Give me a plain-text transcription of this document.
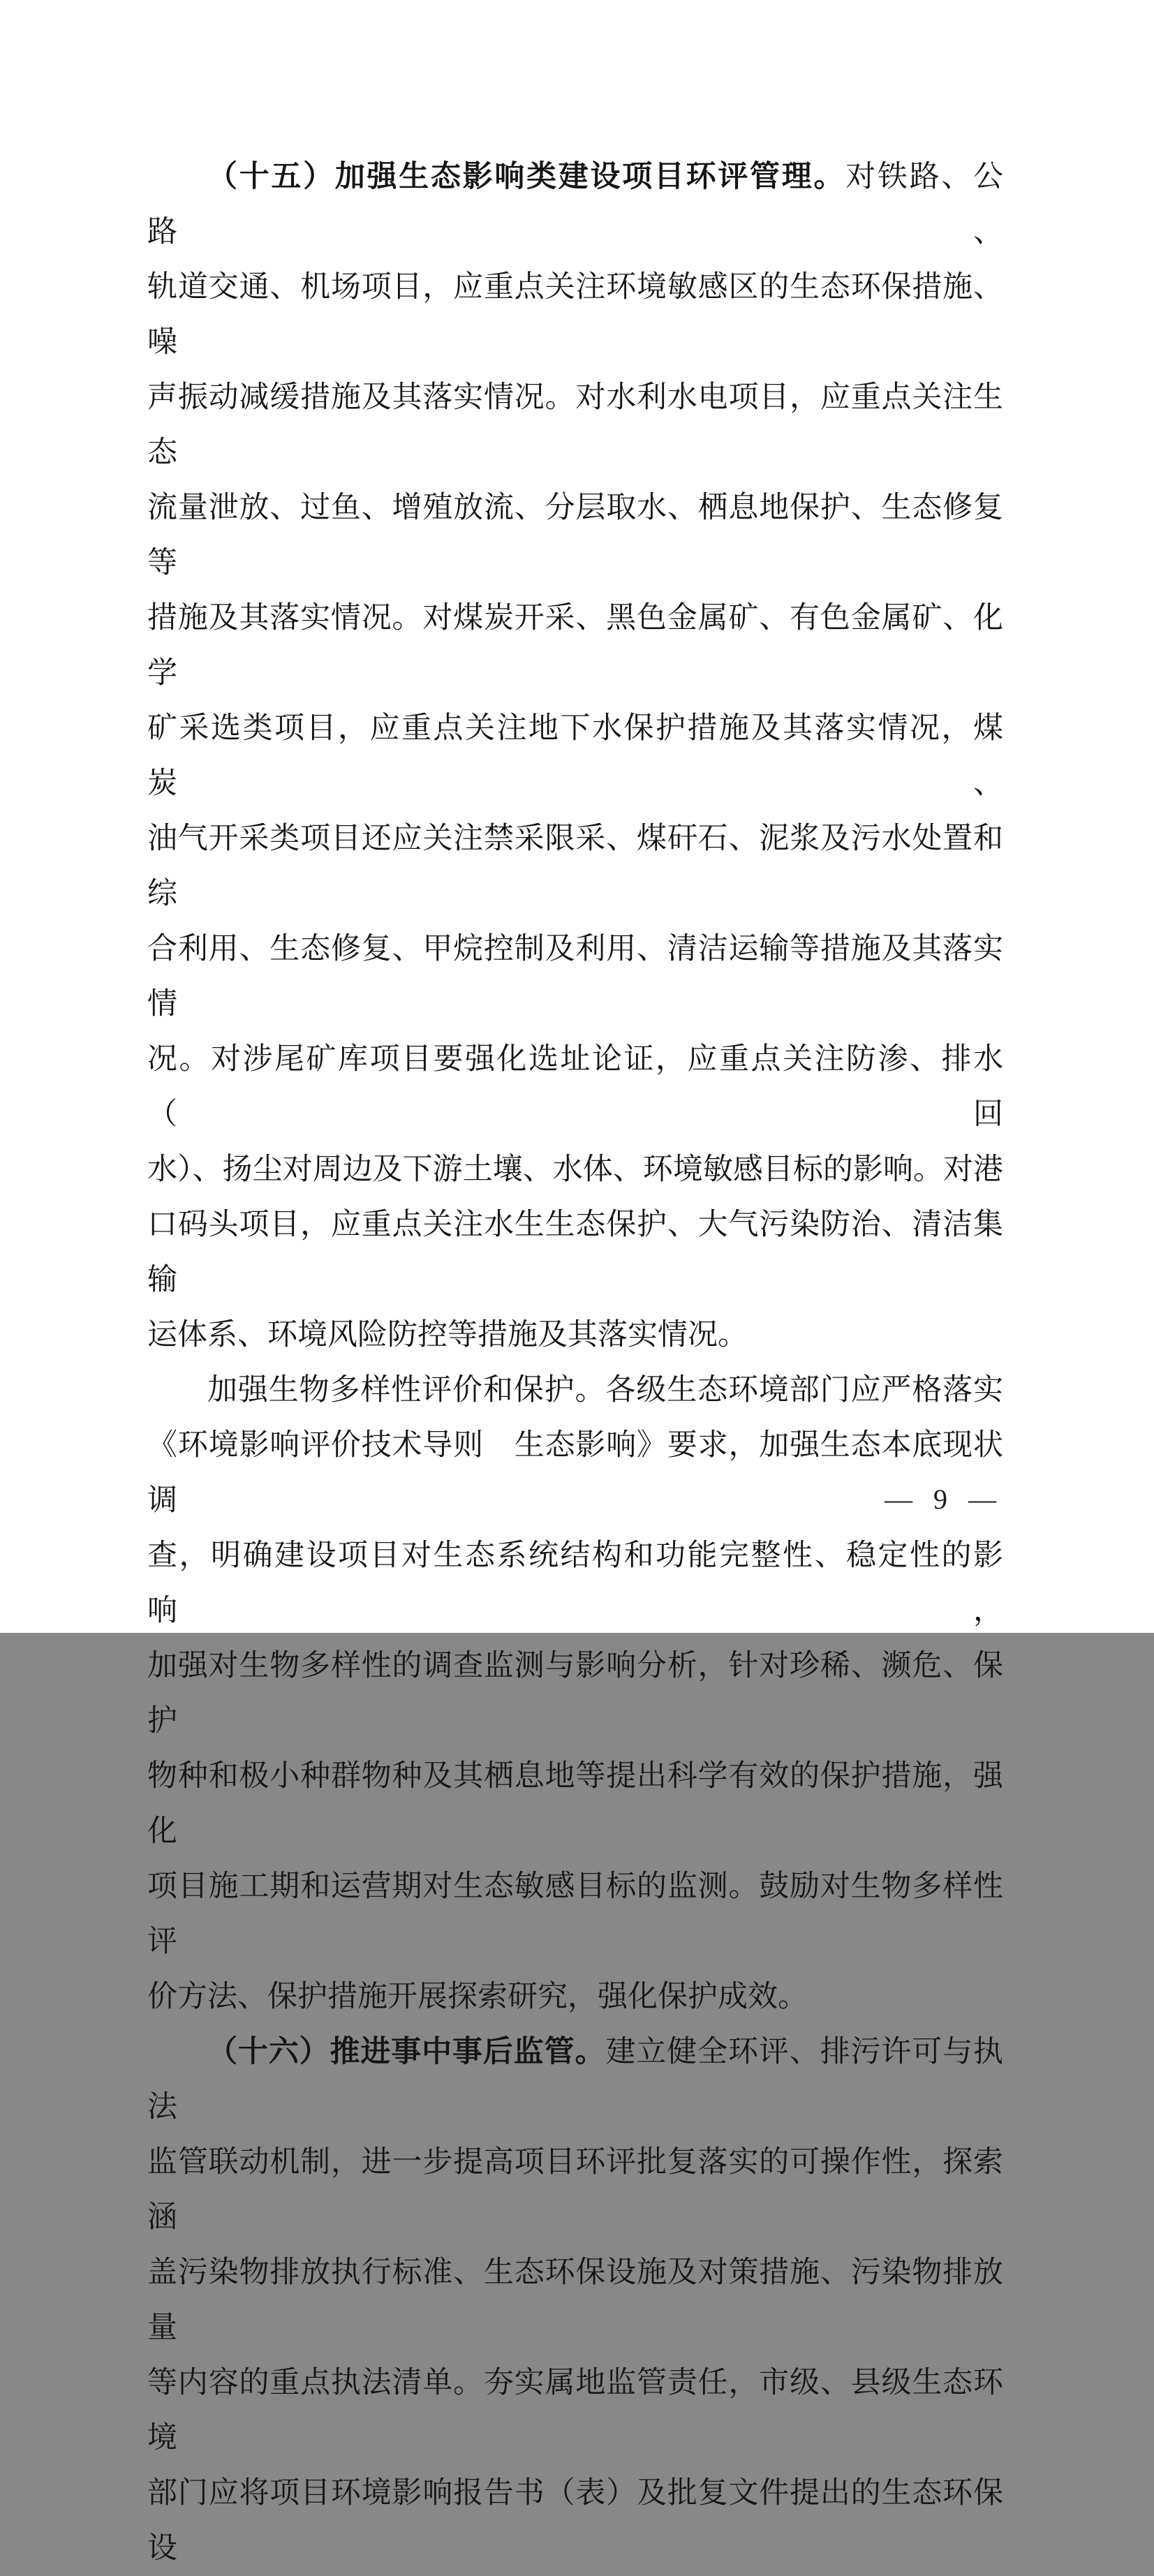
（十五）加强生态影响类建设项目环评管理。对铁路、公路、
轨道交通、机场项目，应重点关注环境敏感区的生态环保措施、噪
声振动减缓措施及其落实情况。对水利水电项目，应重点关注生态
流量泄放、过鱼、增殖放流、分层取水、栖息地保护、生态修复等
措施及其落实情况。对煤炭开采、黑色金属矿、有色金属矿、化学
矿采选类项目，应重点关注地下水保护措施及其落实情况，煤炭、
油气开采类项目还应关注禁采限采、煤矸石、泥浆及污水处置和综
合利用、生态修复、甲烷控制及利用、清洁运输等措施及其落实情
况。对涉尾矿库项目要强化选址论证，应重点关注防渗、排水（回
水）、扬尘对周边及下游土壤、水体、环境敏感目标的影响。对港
口码头项目，应重点关注水生生态保护、大气污染防治、清洁集输
运体系、环境风险防控等措施及其落实情况。
加强生物多样性评价和保护。各级生态环境部门应严格落实
《环境影响评价技术导则　生态影响》要求，加强生态本底现状调
查，明确建设项目对生态系统结构和功能完整性、稳定性的影响，
加强对生物多样性的调查监测与影响分析，针对珍稀、濒危、保护
物种和极小种群物种及其栖息地等提出科学有效的保护措施，强化
项目施工期和运营期对生态敏感目标的监测。鼓励对生物多样性评
价方法、保护措施开展探索研究，强化保护成效。
（十六）推进事中事后监管。建立健全环评、排污许可与执法
监管联动机制，进一步提高项目环评批复落实的可操作性，探索涵
盖污染物排放执行标准、生态环保设施及对策措施、污染物排放量
等内容的重点执法清单。夯实属地监管责任，市级、县级生态环境
部门应将项目环境影响报告书（表）及批复文件提出的生态环保设
— 9 —
